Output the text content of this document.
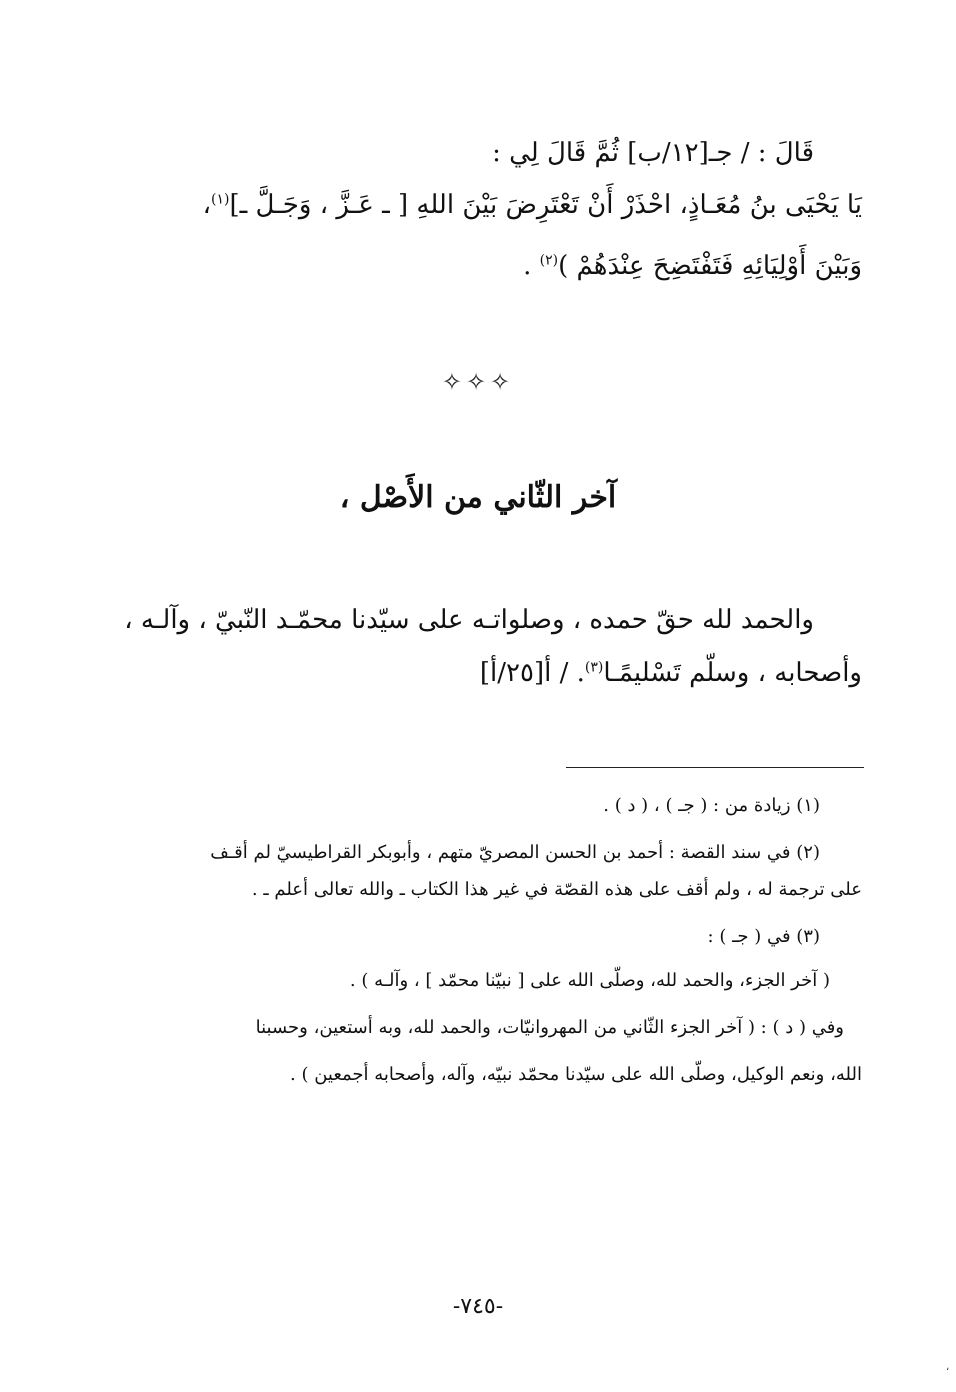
قَالَ : / جـ[١٢/ب] ثُمَّ قَالَ لِي :
يَا يَحْيَى بنُ مُعَـاذٍ، احْذَرْ أَنْ تَعْتَرِضَ بَيْنَ اللهِ [ ـ عَـزَّ ، وَجَـلَّ ـ]$^{(١)}$،
وَبَيْنَ أَوْلِيَائِهِ فَتَفْتَضِحَ عِنْدَهُمْ )$^{(٢)}$ .
✧✧✧
آخر الثّاني من الأَصْل ،
والحمد لله حقّ حمده ، وصلواتـه على سيّدنا محمّـد النّبيّ ، وآلـه ،
وأصحابه ، وسلّم تَسْليمًـا$^{(٣)}$. / أ[٢٥/أ]
(١) زيادة من : ( جـ ) ، ( د ) .
(٢) في سند القصة : أحمد بن الحسن المصريّ متهم ، وأبوبكر القراطيسيّ لم أقـف
على ترجمة له ، ولم أقف على هذه القصّة في غير هذا الكتاب ـ والله تعالى أعلم ـ .
(٣) في ( جـ ) :
( آخر الجزء، والحمد لله، وصلّى الله على [ نبيّنا محمّد ] ، وآلـه ) .
وفي ( د ) : ( آخر الجزء الثّاني من المهروانيّات، والحمد لله، وبه أستعين، وحسبنا
الله، ونعم الوكيل، وصلّى الله على سيّدنا محمّد نبيّه، وآله، وأصحابه أجمعين ) .
-٧٤٥-
،
